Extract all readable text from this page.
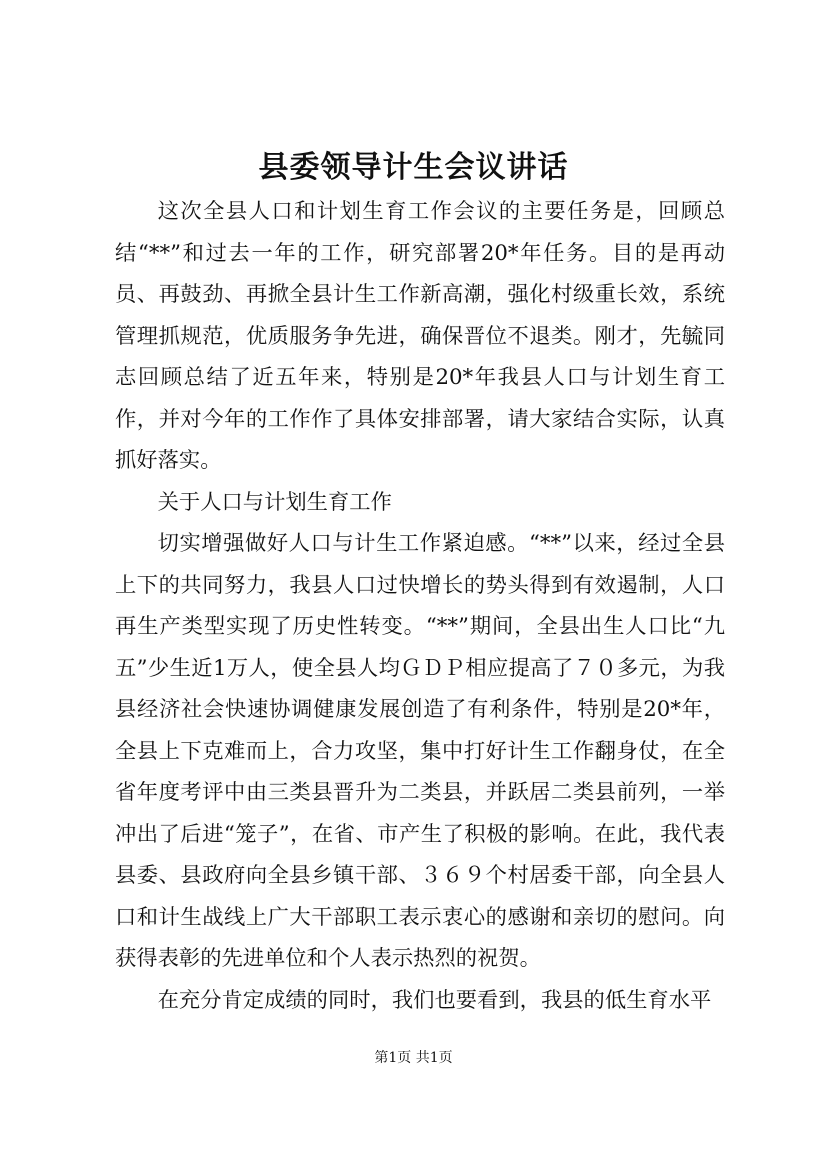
县委领导计生会议讲话

这次全县人口和计划生育工作会议的主要任务是，回顾总结“**”和过去一年的工作，研究部署20*年任务。目的是再动员、再鼓劲、再掀全县计生工作新高潮，强化村级重长效，系统管理抓规范，优质服务争先进，确保晋位不退类。刚才，先毓同志回顾总结了近五年来，特别是20*年我县人口与计划生育工作，并对今年的工作作了具体安排部署，请大家结合实际，认真抓好落实。

关于人口与计划生育工作

切实增强做好人口与计生工作紧迫感。“**”以来，经过全县上下的共同努力，我县人口过快增长的势头得到有效遏制，人口再生产类型实现了历史性转变。“**”期间，全县出生人口比“九五”少生近1万人，使全县人均ＧＤＰ相应提高了７０多元，为我县经济社会快速协调健康发展创造了有利条件，特别是20*年，全县上下克难而上，合力攻坚，集中打好计生工作翻身仗，在全省年度考评中由三类县晋升为二类县，并跃居二类县前列，一举冲出了后进“笼子”，在省、市产生了积极的影响。在此，我代表县委、县政府向全县乡镇干部、３６９个村居委干部，向全县人口和计生战线上广大干部职工表示衷心的感谢和亲切的慰问。向获得表彰的先进单位和个人表示热烈的祝贺。

在充分肯定成绩的同时，我们也要看到，我县的低生育水平

第1页 共1页
